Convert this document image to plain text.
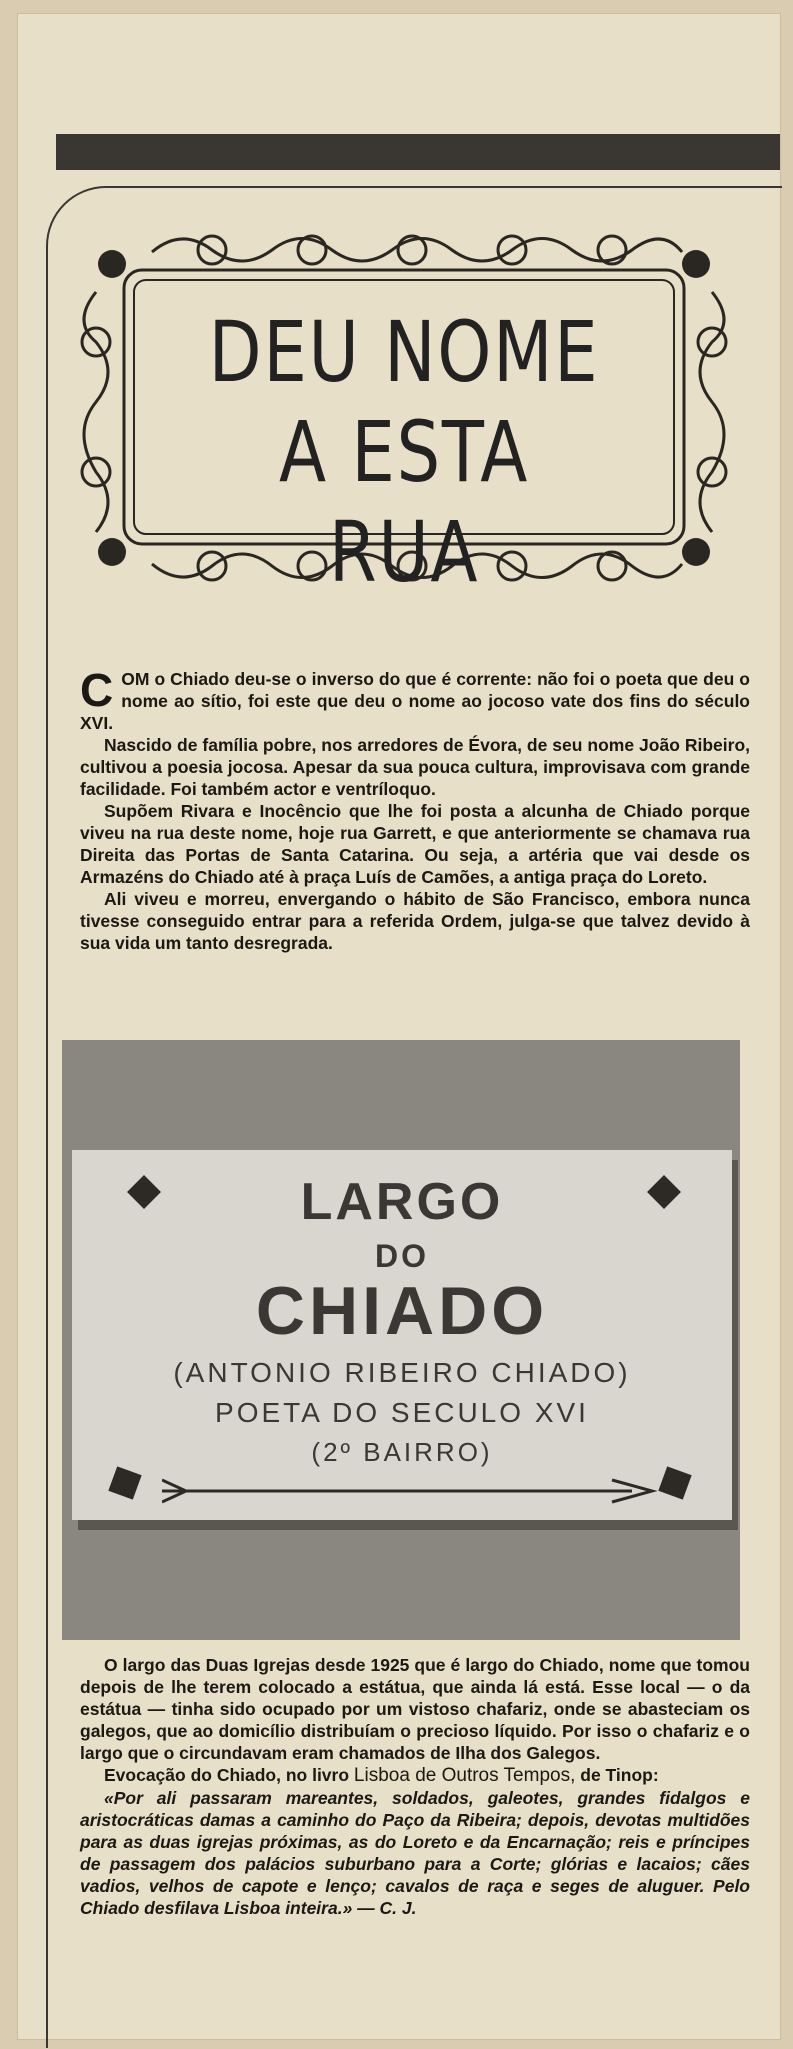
DEU NOME
A ESTA RUA

COM o Chiado deu-se o inverso do que é corrente: não foi o poeta que deu o nome ao sítio, foi este que deu o nome ao jocoso vate dos fins do século XVI.

Nascido de família pobre, nos arredores de Évora, de seu nome João Ribeiro, cultivou a poesia jocosa. Apesar da sua pouca cultura, improvisava com grande facilidade. Foi também actor e ventríloquo.

Supõem Rivara e Inocêncio que lhe foi posta a alcunha de Chiado porque viveu na rua deste nome, hoje rua Garrett, e que anteriormente se chamava rua Direita das Portas de Santa Catarina. Ou seja, a artéria que vai desde os Armazéns do Chiado até à praça Luís de Camões, a antiga praça do Loreto.

Ali viveu e morreu, envergando o hábito de São Francisco, embora nunca tivesse conseguido entrar para a referida Ordem, julga-se que talvez devido à sua vida um tanto desregrada.

LARGO
DO
CHIADO
(ANTONIO RIBEIRO CHIADO)
POETA DO SECULO XVI
(2º BAIRRO)

O largo das Duas Igrejas desde 1925 que é largo do Chiado, nome que tomou depois de lhe terem colocado a estátua, que ainda lá está. Esse local — o da estátua — tinha sido ocupado por um vistoso chafariz, onde se abasteciam os galegos, que ao domicílio distribuíam o precioso líquido. Por isso o chafariz e o largo que o circundavam eram chamados de Ilha dos Galegos.

Evocação do Chiado, no livro Lisboa de Outros Tempos, de Tinop:

«Por ali passaram mareantes, soldados, galeotes, grandes fidalgos e aristocráticas damas a caminho do Paço da Ribeira; depois, devotas multidões para as duas igrejas próximas, as do Loreto e da Encarnação; reis e príncipes de passagem dos palácios suburbano para a Corte; glórias e lacaios; cães vadios, velhos de capote e lenço; cavalos de raça e seges de aluguer. Pelo Chiado desfilava Lisboa inteira.» — C. J.
